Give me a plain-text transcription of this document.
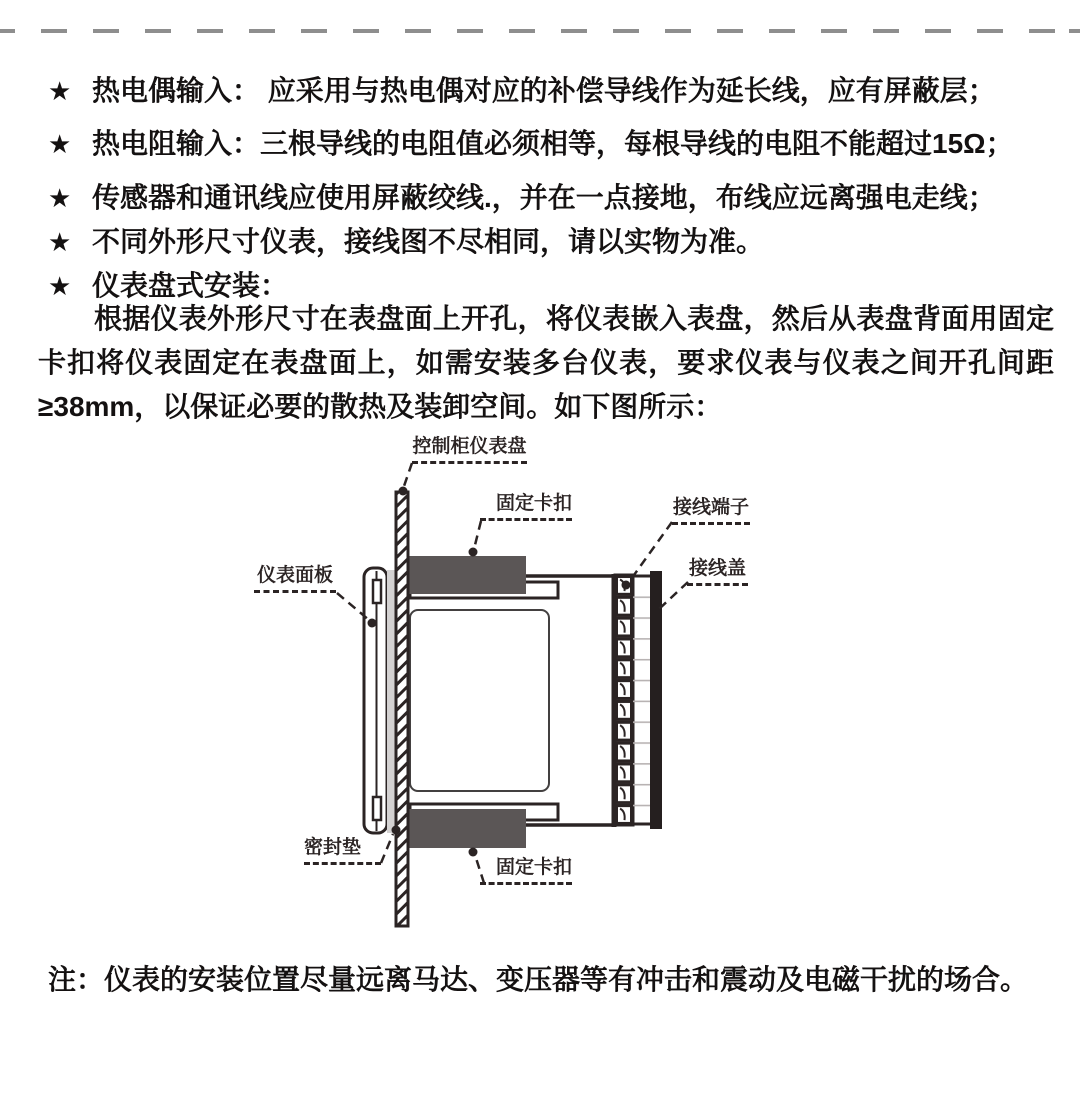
★ 热电偶输入： 应采用与热电偶对应的补偿导线作为延长线，应有屏蔽层；
★ 热电阻输入：三根导线的电阻值必须相等，每根导线的电阻不能超过15Ω；
★ 传感器和通讯线应使用屏蔽绞线.，并在一点接地，布线应远离强电走线；
★ 不同外形尺寸仪表，接线图不尽相同，请以实物为准。
★ 仪表盘式安装：
根据仪表外形尺寸在表盘面上开孔，将仪表嵌入表盘，然后从表盘背面用固定卡扣将仪表固定在表盘面上，如需安装多台仪表，要求仪表与仪表之间开孔间距≥38mm，以保证必要的散热及装卸空间。如下图所示：
控制柜仪表盘
固定卡扣	接线端子
接线盖
仪表面板
密封垫
固定卡扣
注：仪表的安装位置尽量远离马达、变压器等有冲击和震动及电磁干扰的场合。
